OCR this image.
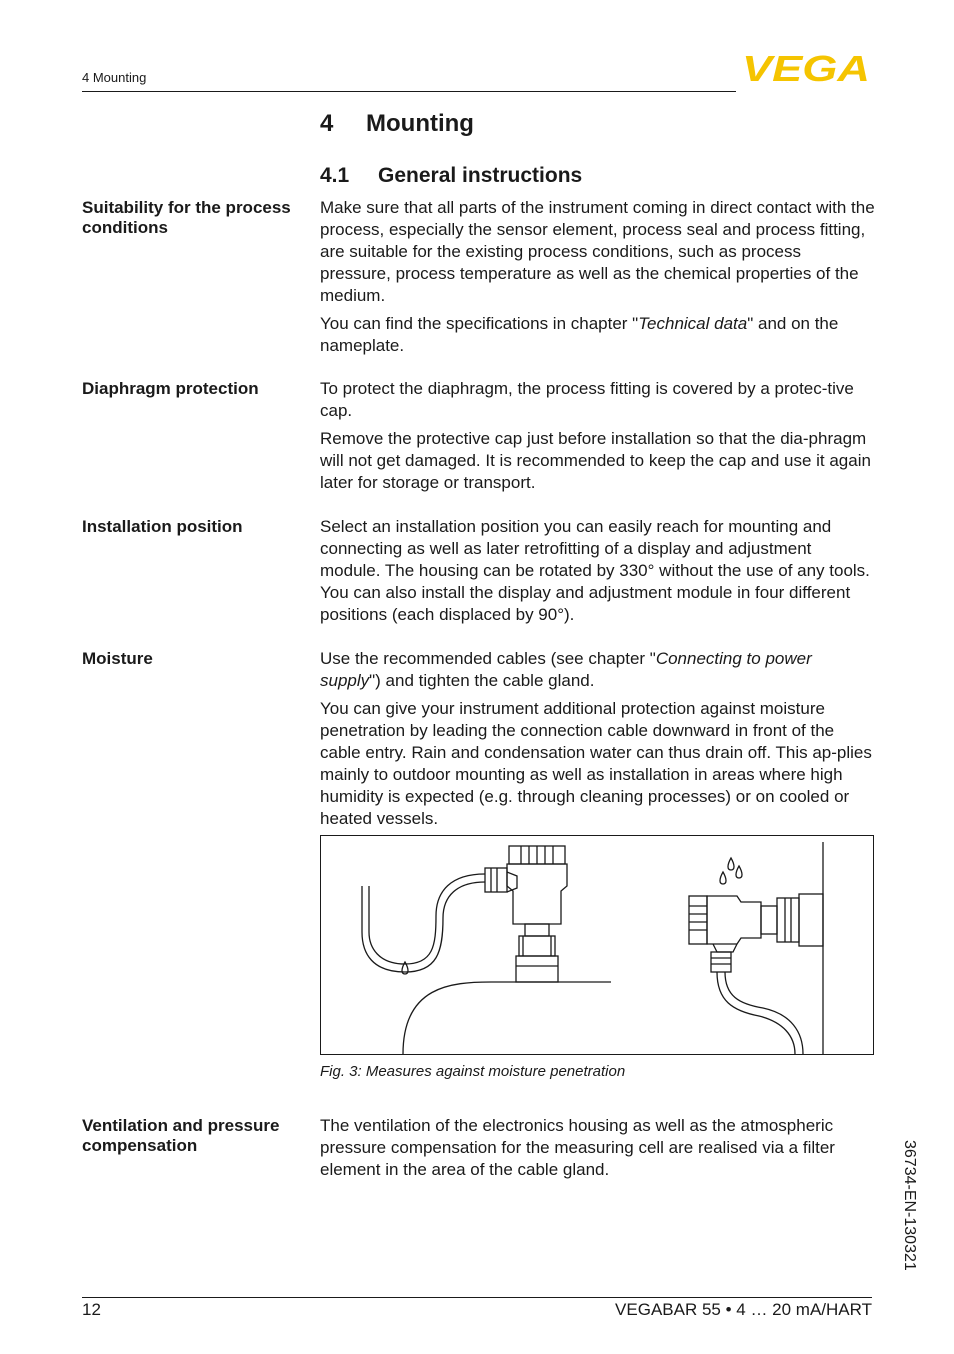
4 Mounting	VEGA
4 Mounting
4.1 General instructions
Suitability for the process conditions

Make sure that all parts of the instrument coming in direct contact with the process, especially the sensor element, process seal and process fitting, are suitable for the existing process conditions, such as process pressure, process temperature as well as the chemical properties of the medium.

You can find the specifications in chapter "Technical data" and on the nameplate.

Diaphragm protection	To protect the diaphragm, the process fitting is covered by a protec-tive cap.

Remove the protective cap just before installation so that the dia-phragm will not get damaged. It is recommended to keep the cap and use it again later for storage or transport.

Installation position	Select an installation position you can easily reach for mounting and connecting as well as later retrofitting of a display and adjustment module. The housing can be rotated by 330° without the use of any tools. You can also install the display and adjustment module in four different positions (each displaced by 90°).

Moisture	Use the recommended cables (see chapter "Connecting to power supply") and tighten the cable gland.

You can give your instrument additional protection against moisture penetration by leading the connection cable downward in front of the cable entry. Rain and condensation water can thus drain off. This ap-plies mainly to outdoor mounting as well as installation in areas where high humidity is expected (e.g. through cleaning processes) or on cooled or heated vessels.

Fig. 3: Measures against moisture penetration
Ventilation and pressure compensation

The ventilation of the electronics housing as well as the atmospheric pressure compensation for the measuring cell are realised via a filter element in the area of the cable gland.	36734-EN-130321
12	VEGABAR 55 • 4 … 20 mA/HART
